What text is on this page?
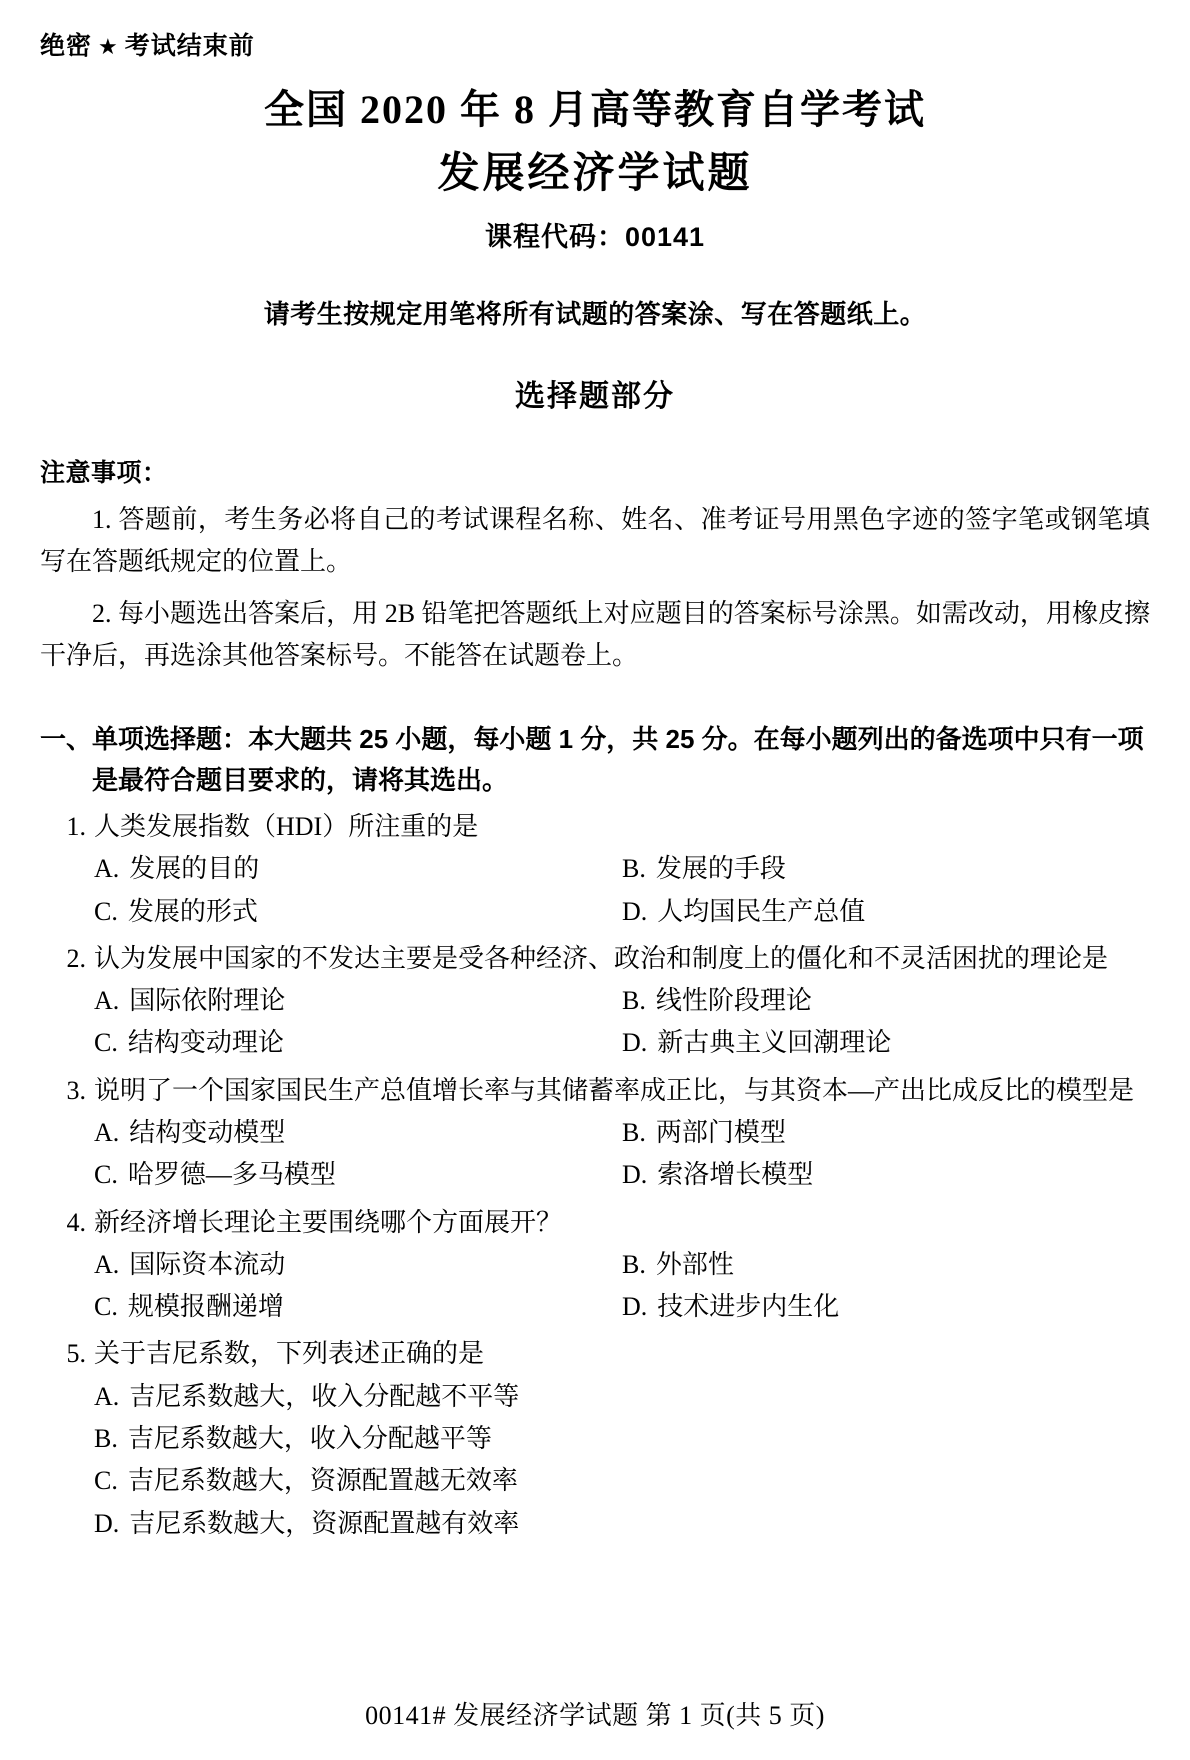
绝密 ★ 考试结束前
全国 2020 年 8 月高等教育自学考试
发展经济学试题
课程代码：00141
请考生按规定用笔将所有试题的答案涂、写在答题纸上。
选择题部分
注意事项：
1. 答题前，考生务必将自己的考试课程名称、姓名、准考证号用黑色字迹的签字笔或钢笔填写在答题纸规定的位置上。
2. 每小题选出答案后，用 2B 铅笔把答题纸上对应题目的答案标号涂黑。如需改动，用橡皮擦干净后，再选涂其他答案标号。不能答在试题卷上。
一、 单项选择题：本大题共 25 小题，每小题 1 分，共 25 分。在每小题列出的备选项中只有一项是最符合题目要求的，请将其选出。
1. 人类发展指数（HDI）所注重的是
A. 发展的目的	B. 发展的手段
C. 发展的形式	D. 人均国民生产总值
2. 认为发展中国家的不发达主要是受各种经济、政治和制度上的僵化和不灵活困扰的理论是
A. 国际依附理论	B. 线性阶段理论
C. 结构变动理论	D. 新古典主义回潮理论
3. 说明了一个国家国民生产总值增长率与其储蓄率成正比，与其资本—产出比成反比的模型是
A. 结构变动模型	B. 两部门模型
C. 哈罗德—多马模型	D. 索洛增长模型
4. 新经济增长理论主要围绕哪个方面展开？
A. 国际资本流动	B. 外部性
C. 规模报酬递增	D. 技术进步内生化
5. 关于吉尼系数，下列表述正确的是
A. 吉尼系数越大，收入分配越不平等
B. 吉尼系数越大，收入分配越平等
C. 吉尼系数越大，资源配置越无效率
D. 吉尼系数越大，资源配置越有效率
00141# 发展经济学试题 第 1 页(共 5 页)
